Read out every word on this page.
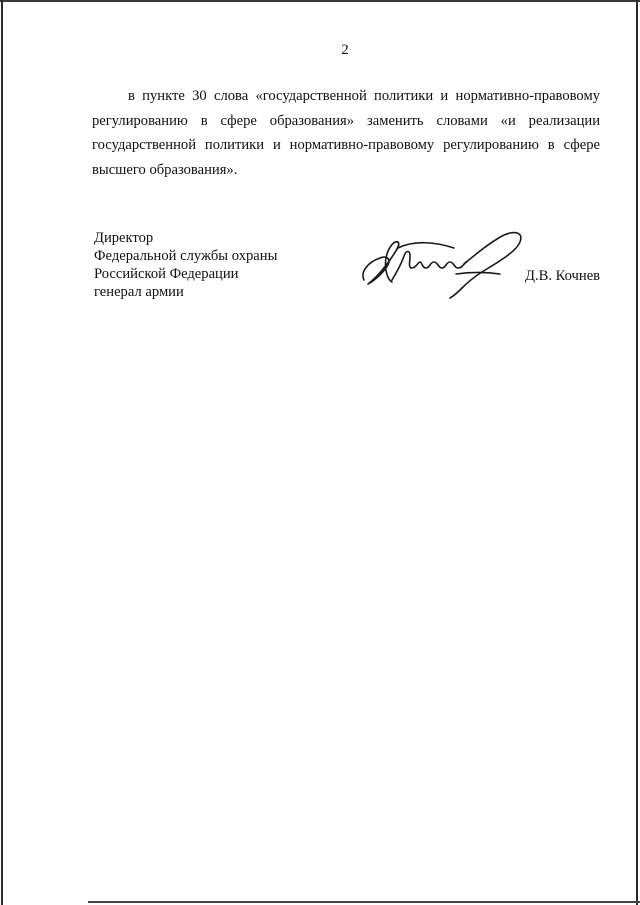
2

в пункте 30 слова «государственной политики и нормативно-правовому регулированию в сфере образования» заменить словами «и реализации государственной политики и нормативно-правовому регулированию в сфере высшего образования».

Директор
Федеральной службы охраны
Российской Федерации
генерал армии
Д.В. Кочнев
